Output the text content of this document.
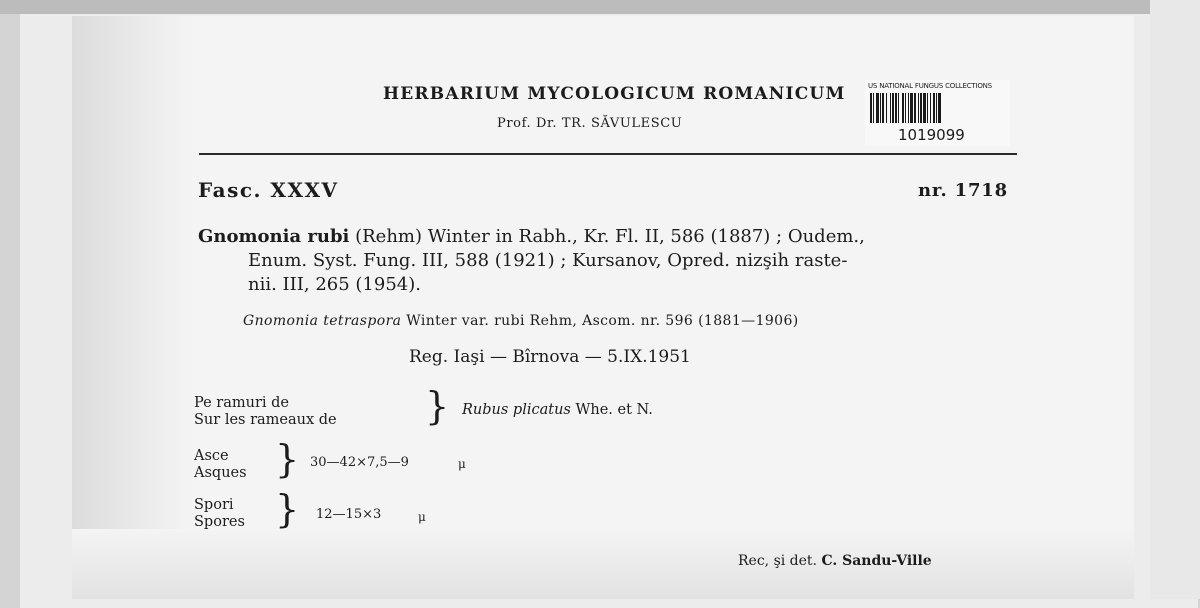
HERBARIUM MYCOLOGICUM ROMANICUM
Prof. Dr. TR. SĂVULESCU
US NATIONAL FUNGUS COLLECTIONS
1019099
Fasc. XXXV	nr. 1718
Gnomonia rubi (Rehm) Winter in Rabh., Kr. Fl. II, 586 (1887) ; Oudem.,
Enum. Syst. Fung. III, 588 (1921) ; Kursanov, Opred. nizşih raste-
nii. III, 265 (1954).
Gnomonia tetraspora Winter var. rubi Rehm, Ascom. nr. 596 (1881—1906)
Reg. Iaşi — Bîrnova — 5.IX.1951
Pe ramuri de
Sur les rameaux de } Rubus plicatus Whe. et N.
Asce
Asques } 30—42×7,5—9	μ
Spori
Spores } 12—15×3	μ
Rec, şi det. C. Sandu-Ville
